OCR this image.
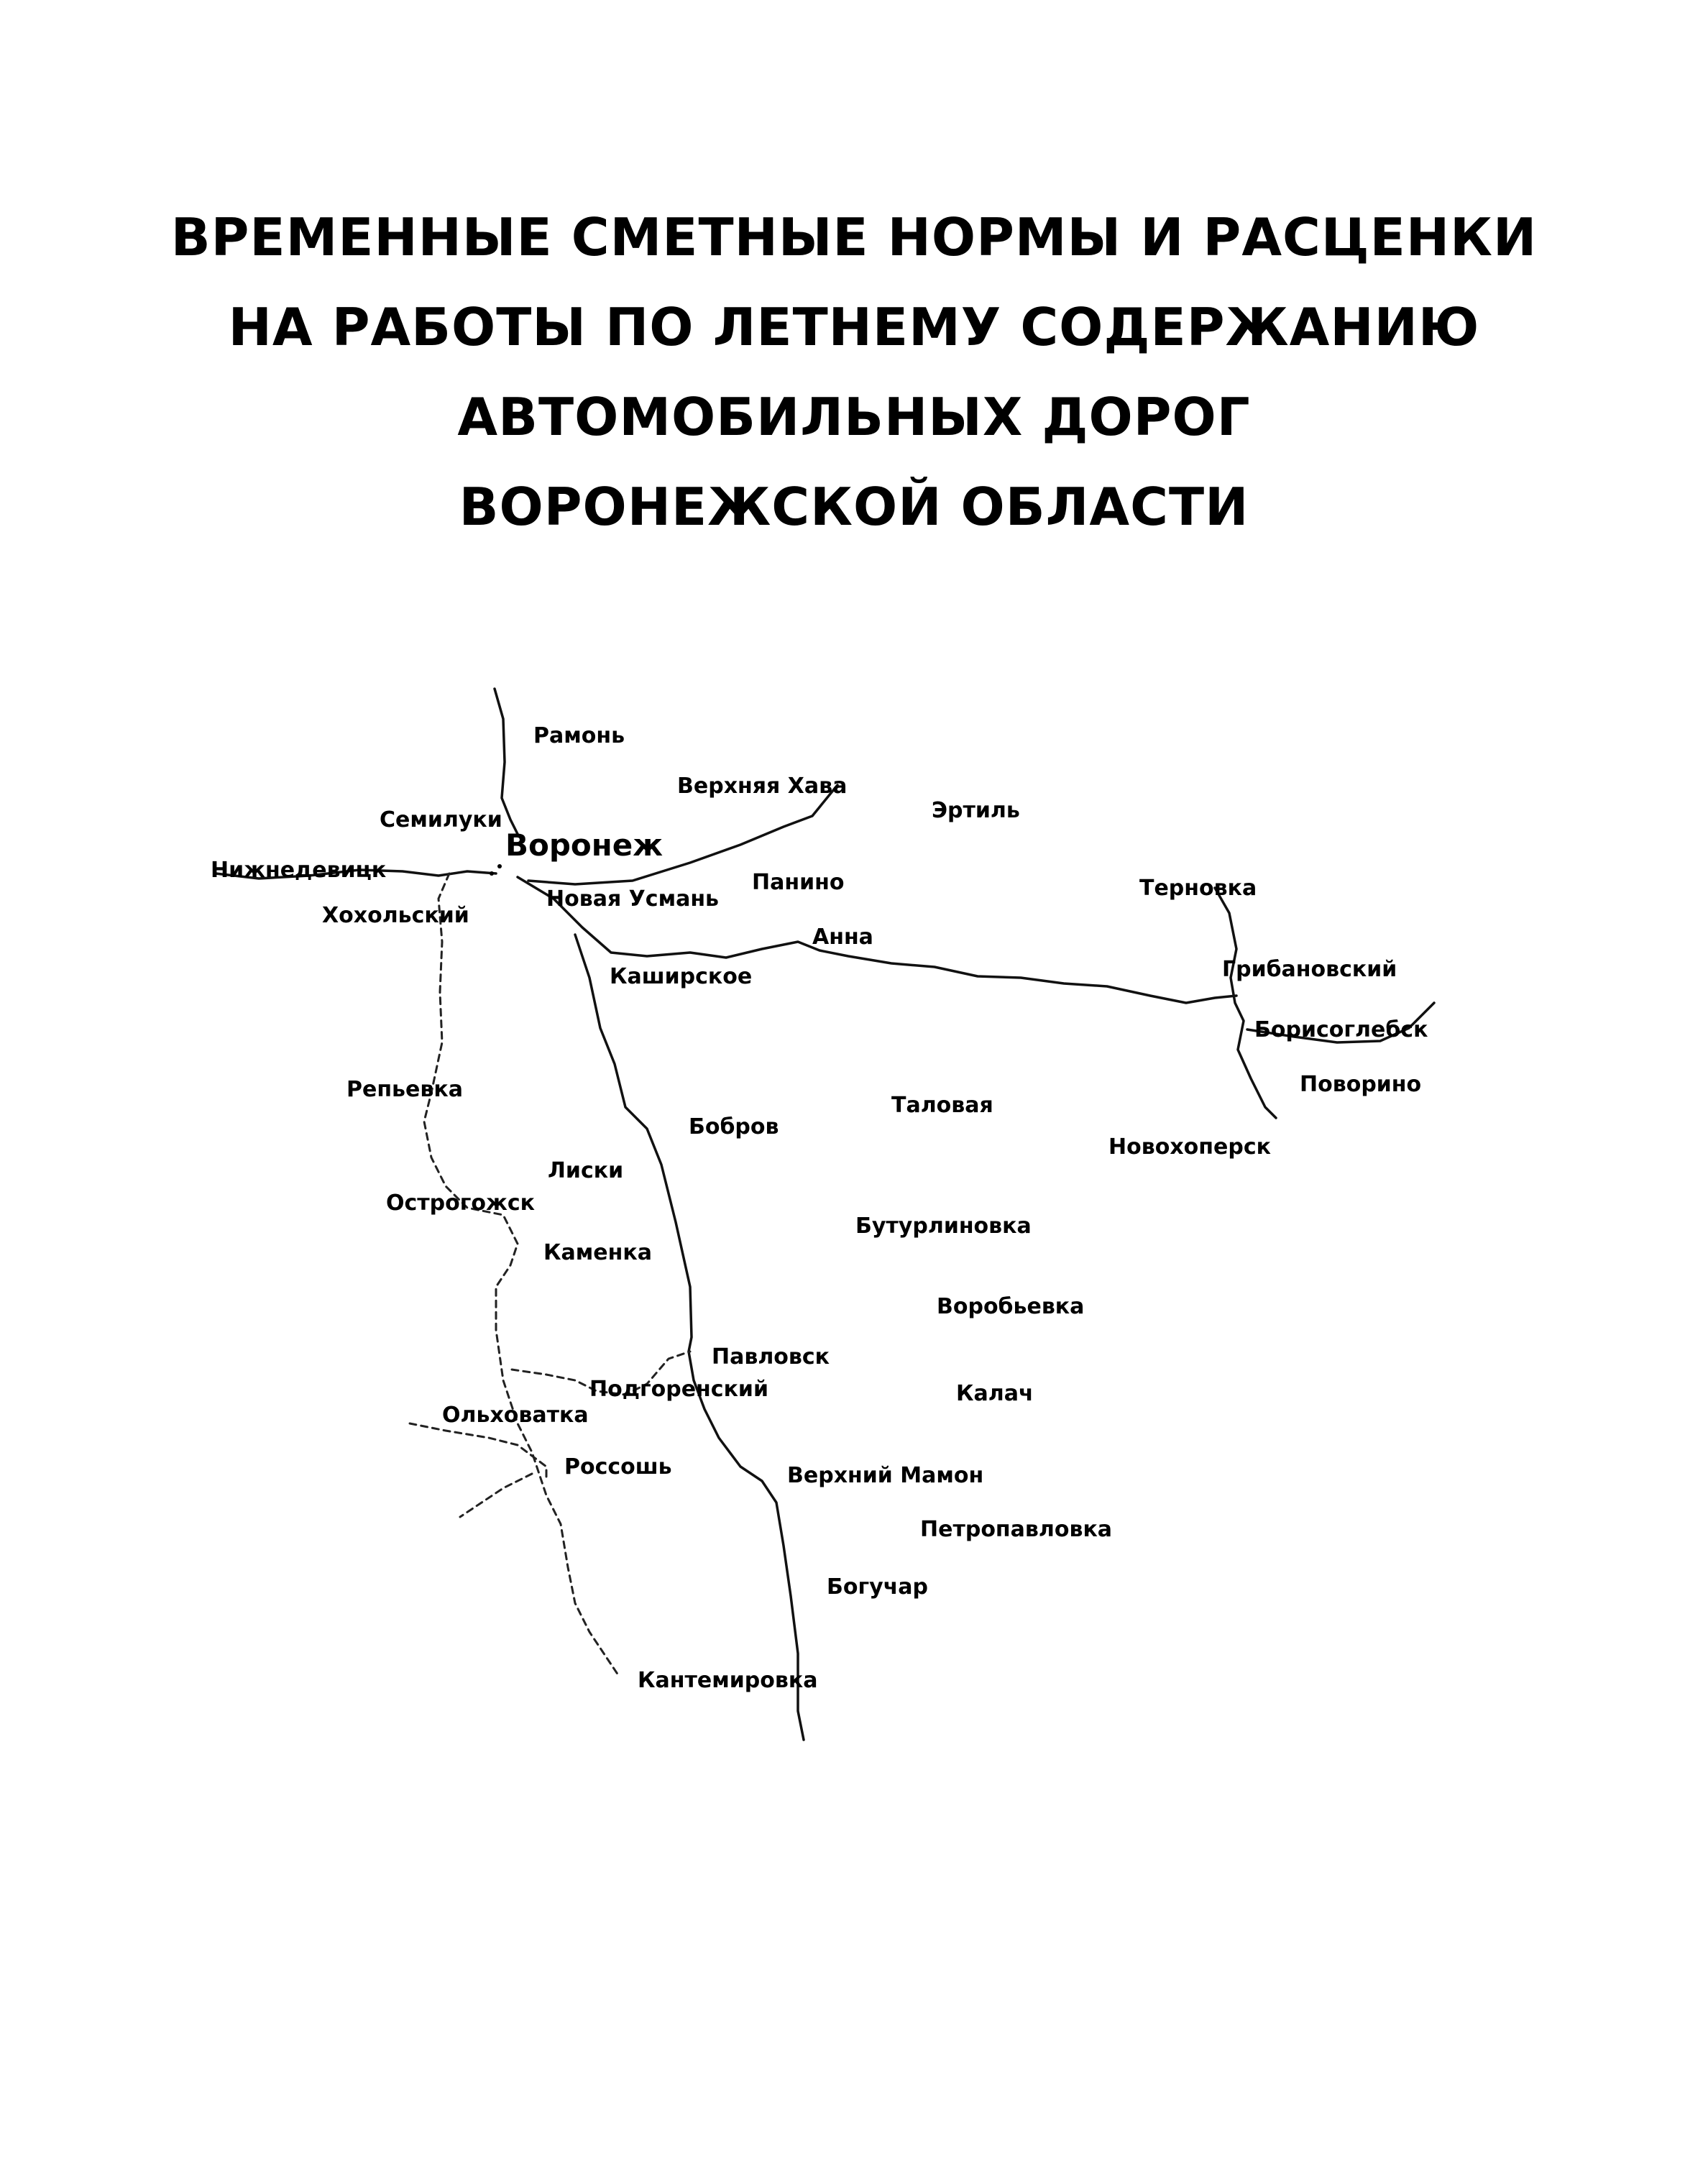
ВРЕМЕННЫЕ СМЕТНЫЕ НОРМЫ И РАСЦЕНКИ
НА РАБОТЫ ПО ЛЕТНЕМУ СОДЕРЖАНИЮ
АВТОМОБИЛЬНЫХ ДОРОГ
ВОРОНЕЖСКОЙ ОБЛАСТИ
Воронеж
Рамонь
Верхняя Хава
Эртиль
Семилуки
Нижнедевицк
Хохольский
Новая Усмань
Панино	Терновка
Анна
Каширское	Грибановский
Борисоглебск
Поворино
Репьевка
Бобров
Таловая
Новохоперск
Лиски
Острогожск
Бутурлиновка
Каменка
Воробьевка
Павловск
Подгоренский	Калач
Ольховатка
Россошь	Верхний Мамон
Петропавловка
Богучар
Кантемировка
